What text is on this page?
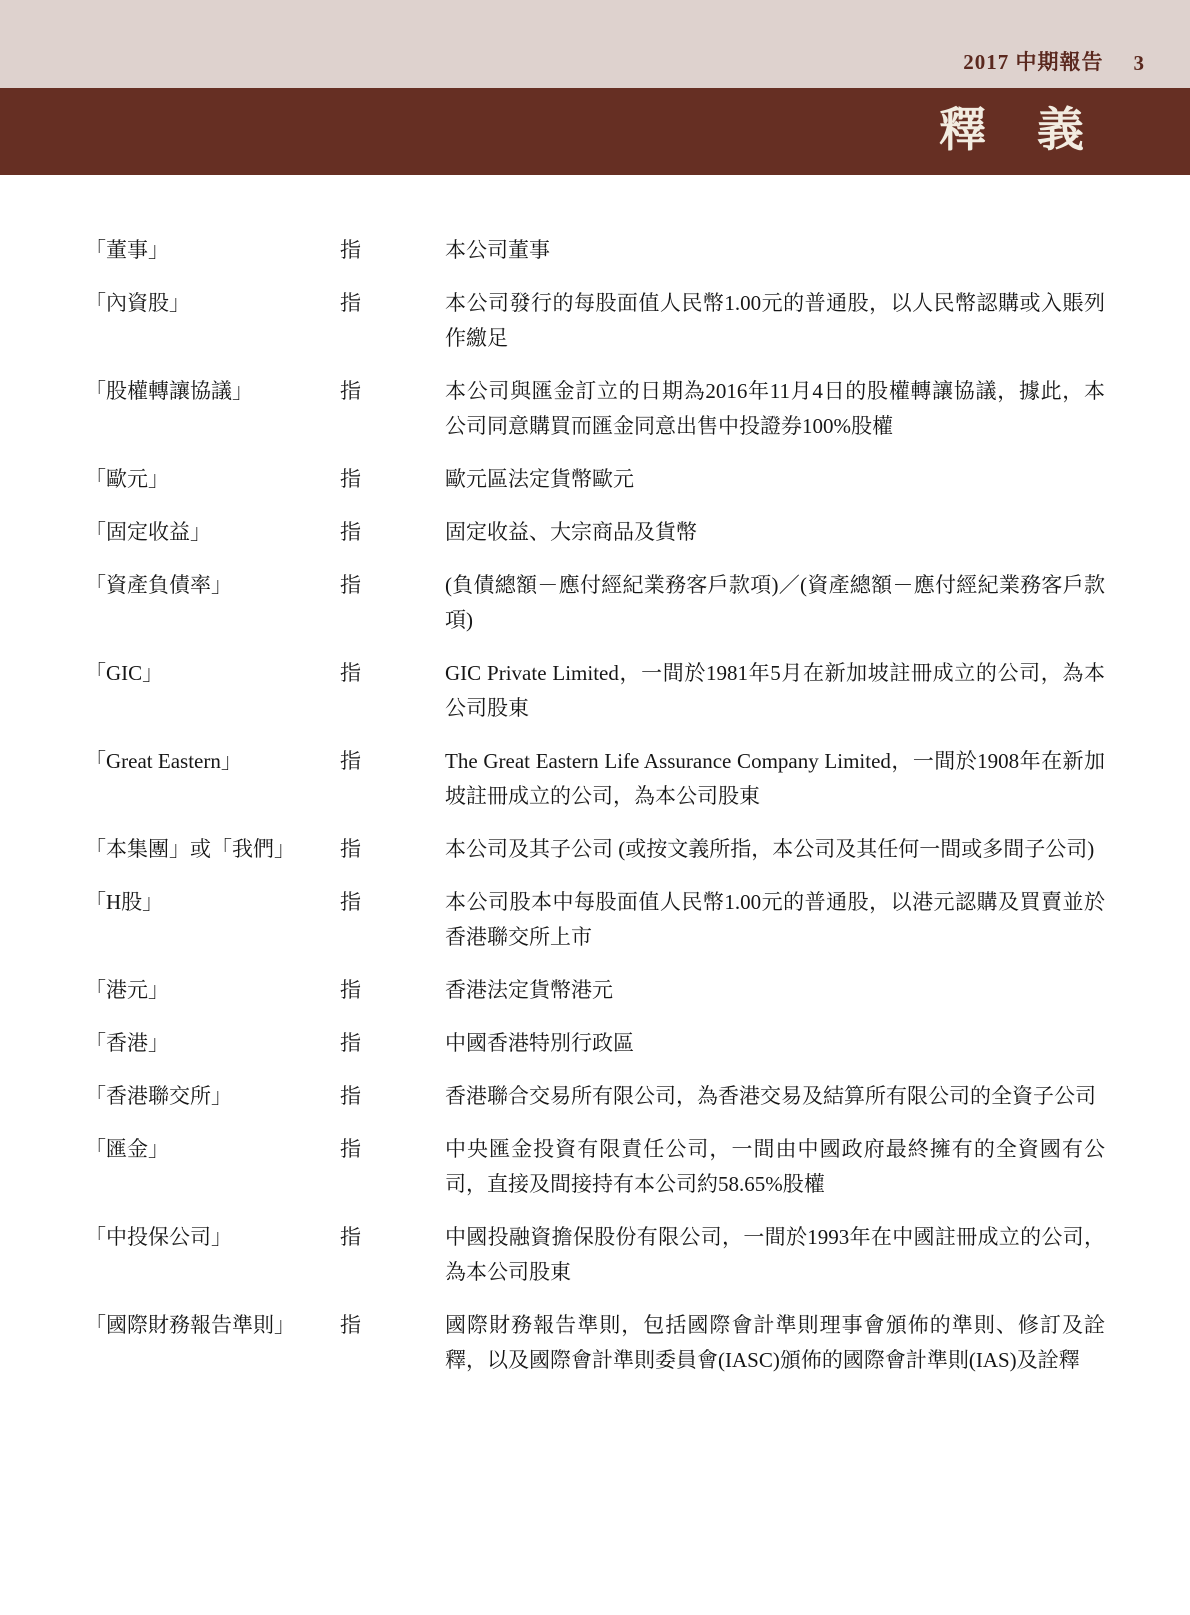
2017 中期報告 3
釋　義
「董事」	指	本公司董事
「內資股」	指	本公司發行的每股面值人民幣1.00元的普通股，以人民幣認購或入賬列作繳足
「股權轉讓協議」	指	本公司與匯金訂立的日期為2016年11月4日的股權轉讓協議，據此，本公司同意購買而匯金同意出售中投證券100%股權
「歐元」	指	歐元區法定貨幣歐元
「固定收益」	指	固定收益、大宗商品及貨幣
「資產負債率」	指	(負債總額－應付經紀業務客戶款項)／(資產總額－應付經紀業務客戶款項)
「GIC」	指	GIC Private Limited，一間於1981年5月在新加坡註冊成立的公司，為本公司股東
「Great Eastern」	指	The Great Eastern Life Assurance Company Limited，一間於1908年在新加坡註冊成立的公司，為本公司股東
「本集團」或「我們」	指	本公司及其子公司 (或按文義所指，本公司及其任何一間或多間子公司)
「H股」	指	本公司股本中每股面值人民幣1.00元的普通股，以港元認購及買賣並於香港聯交所上市
「港元」	指	香港法定貨幣港元
「香港」	指	中國香港特別行政區
「香港聯交所」	指	香港聯合交易所有限公司，為香港交易及結算所有限公司的全資子公司
「匯金」	指	中央匯金投資有限責任公司，一間由中國政府最終擁有的全資國有公司，直接及間接持有本公司約58.65%股權
「中投保公司」	指	中國投融資擔保股份有限公司，一間於1993年在中國註冊成立的公司，為本公司股東
「國際財務報告準則」	指	國際財務報告準則，包括國際會計準則理事會頒佈的準則、修訂及詮釋，以及國際會計準則委員會(IASC)頒佈的國際會計準則(IAS)及詮釋
